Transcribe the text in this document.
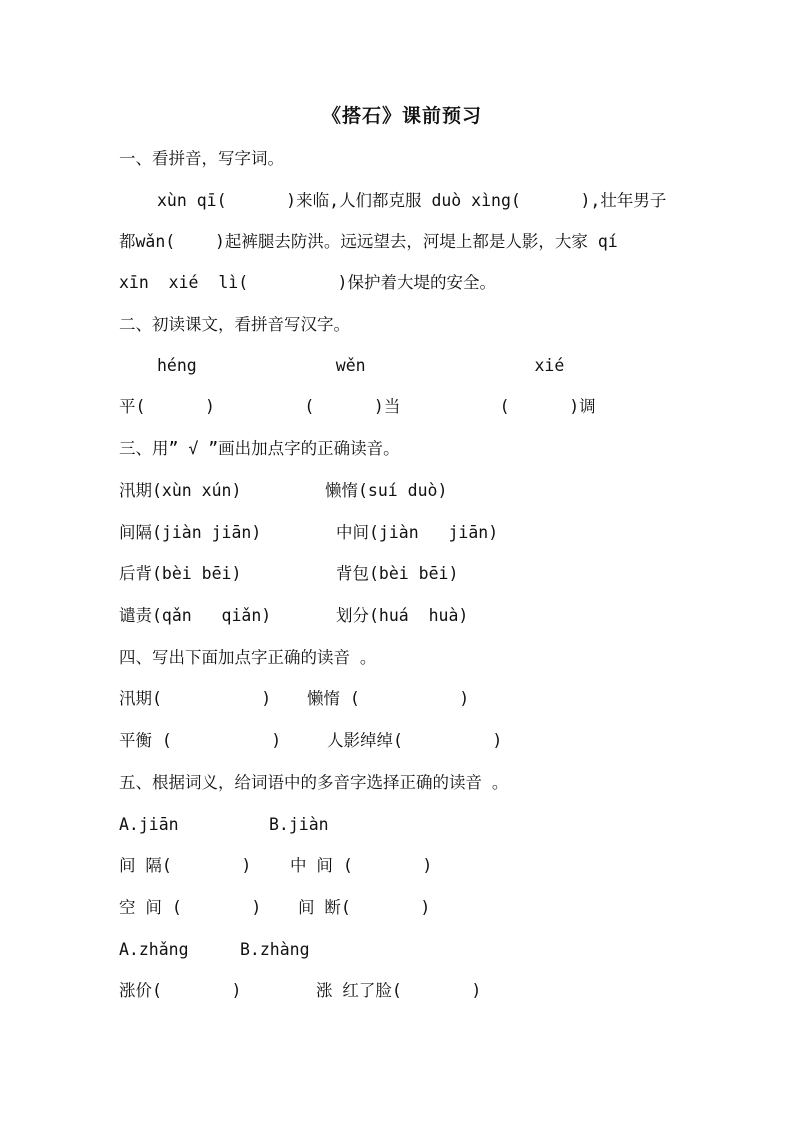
《搭石》课前预习
一、看拼音，写字词。
xùn qī(      )来临,人们都克服 duò xìng(      ),壮年男子
都wǎn(    )起裤腿去防洪。远远望去，河堤上都是人影，大家 qí
xīn  xié  lì(         )保护着大堤的安全。
二、初读课文，看拼音写汉字。
héng              wěn                 xié
平(      )         (      )当          (      )调
三、用” √ ”画出加点字的正确读音。
汛期(xùn xún)	懒惰(suí duò)
间隔(jiàn jiān)	中间(jiàn   jiān)
后背(bèi bēi)	背包(bèi bēi)
谴责(qǎn   qiǎn)	划分(huá  huà)
四、写出下面加点字正确的读音 。
汛期(          ) 懒惰 (          )
平衡 (          )	人影绰绰(         )
五、根据词义，给词语中的多音字选择正确的读音 。
A.jiān	B.jiàn
间 隔(       ) 中 间 (       )
空 间 (       ) 间 断(       )
A.zhǎng	B.zhàng
涨价(       )	涨 红了脸(       )
